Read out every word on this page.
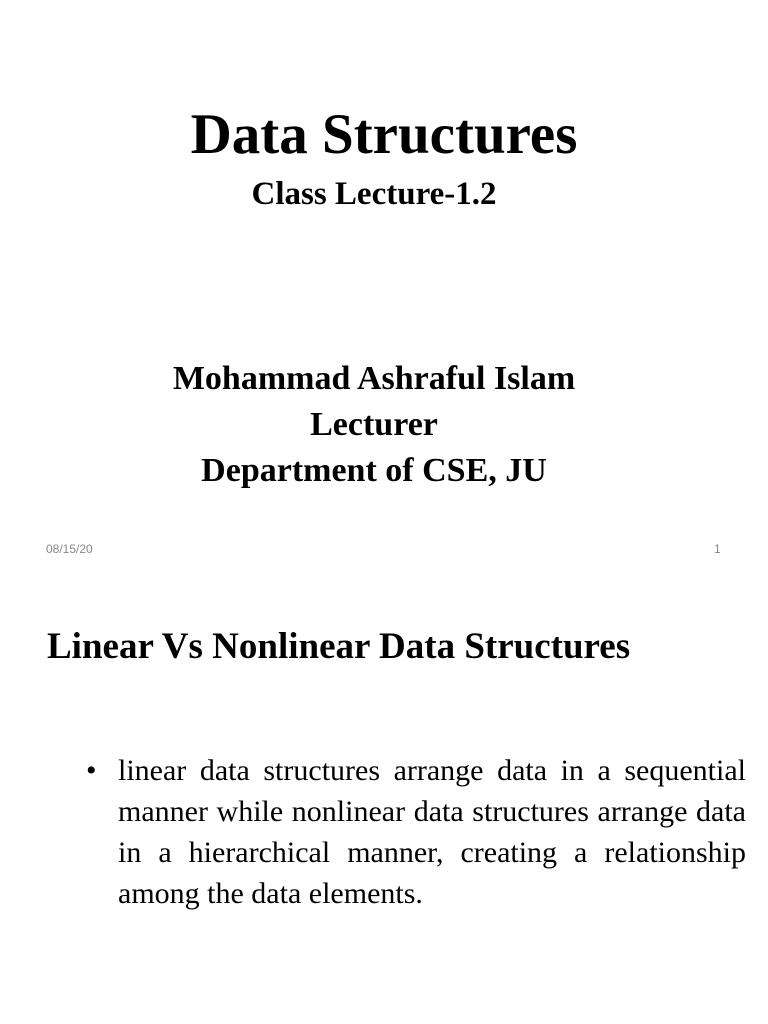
Data Structures
Class Lecture-1.2
Mohammad Ashraful Islam
Lecturer
Department of CSE, JU
08/15/20	1
Linear Vs Nonlinear Data Structures
• linear data structures arrange data in a sequential manner while nonlinear data structures arrange data in a hierarchical manner, creating a relationship among the data elements.
